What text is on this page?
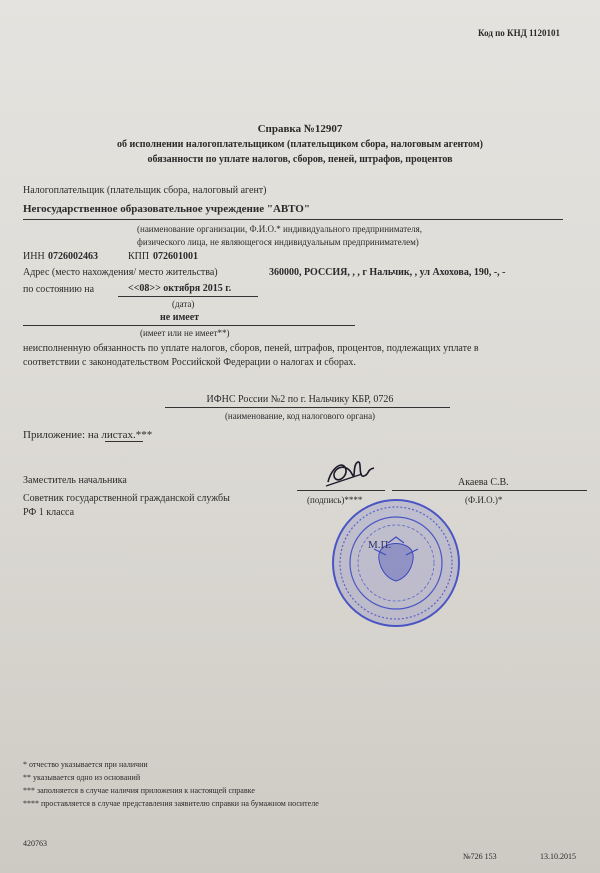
Код по КНД 1120101
Справка №12907
об исполнении налогоплательщиком (плательщиком сбора, налоговым агентом)
обязанности по уплате налогов, сборов, пеней, штрафов, процентов
Налогоплательщик (плательщик сбора, налоговый агент)
Негосударственное образовательное учреждение "АВТО"
(наименование организации, Ф.И.О.* индивидуального предпринимателя,
физического лица, не являющегося индивидуальным предпринимателем)
ИНН 0726002463	КПП 072601001
Адрес (место нахождения/ место жительства)	360000, РОССИЯ, , , г Нальчик, , ул Ахохова, 190, -, -
по состоянию на	<<08>> октября 2015 г.
(дата)
не имеет
(имеет или не имеет**)
неисполненную обязанность по уплате налогов, сборов, пеней, штрафов, процентов, подлежащих уплате в
соответствии с законодательством Российской Федерации о налогах и сборах.
ИФНС России №2 по г. Нальчику КБР, 0726
(наименование, код налогового органа)
Приложение: на листах.***
Заместитель начальника
Советник государственной гражданской службы
РФ 1 класса
(подпись)****
Акаева С.В.
(Ф.И.О.)*
М.П.
* отчество указывается при наличии
** указывается одно из оснований
*** заполняется в случае наличия приложения к настоящей справке
**** проставляется в случае представления заявителю справки на бумажном носителе
420763
№726 153	13.10.2015
